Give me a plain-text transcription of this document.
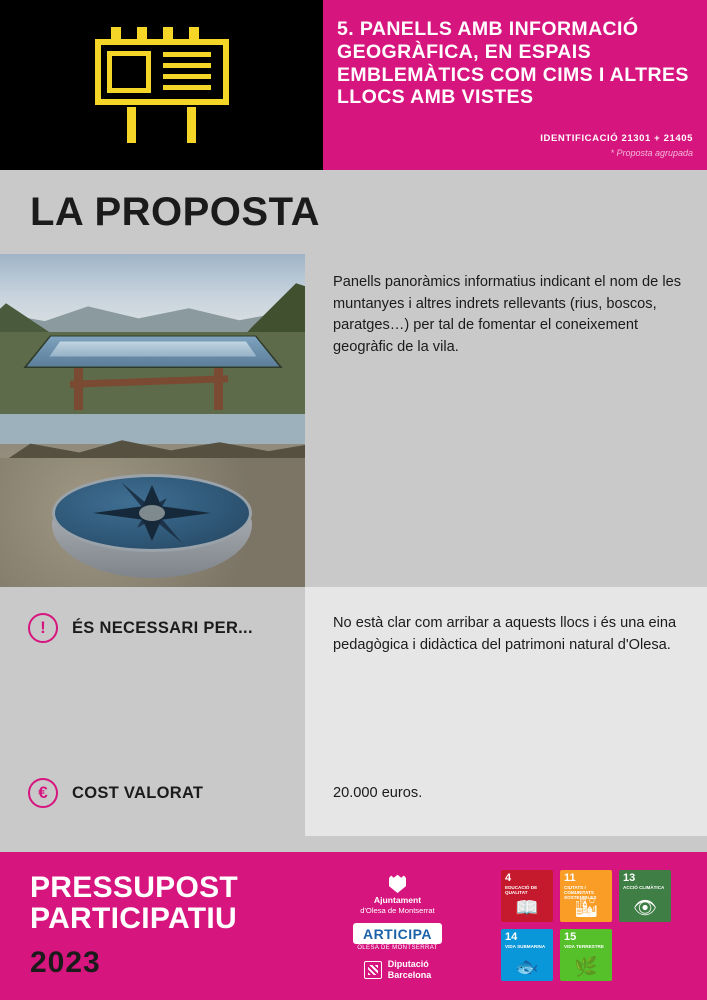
5. PANELLS AMB INFORMACIÓ GEOGRÀFICA, EN ESPAIS EMBLEMÀTICS COM CIMS I ALTRES LLOCS AMB VISTES
IDENTIFICACIÓ 21301 + 21405
* Proposta agrupada
LA PROPOSTA
Panells panoràmics informatius indicant el nom de les muntanyes i altres indrets rellevants (rius, boscos, paratges…) per tal de fomentar el coneixement geogràfic de la vila.
!	ÉS NECESSARI PER...	No està clar com arribar a aquests llocs i és una eina pedagògica i didàctica del patrimoni natural d'Olesa.
€	COST VALORAT	20.000 euros.
PRESSUPOST
PARTICIPATIU
2023
Ajuntament
d'Olesa de Montserrat
ARTICIPA
OLESA DE MONTSERRAT
Diputació
Barcelona
4
EDUCACIÓ DE QUALITAT
📖
11
CIUTATS I COMUNITATS SOSTENIBLES
🏙
13
ACCIÓ CLIMÀTICA
👁
14
VIDA SUBMARINA
🐟
15
VIDA TERRESTRE
🌿
